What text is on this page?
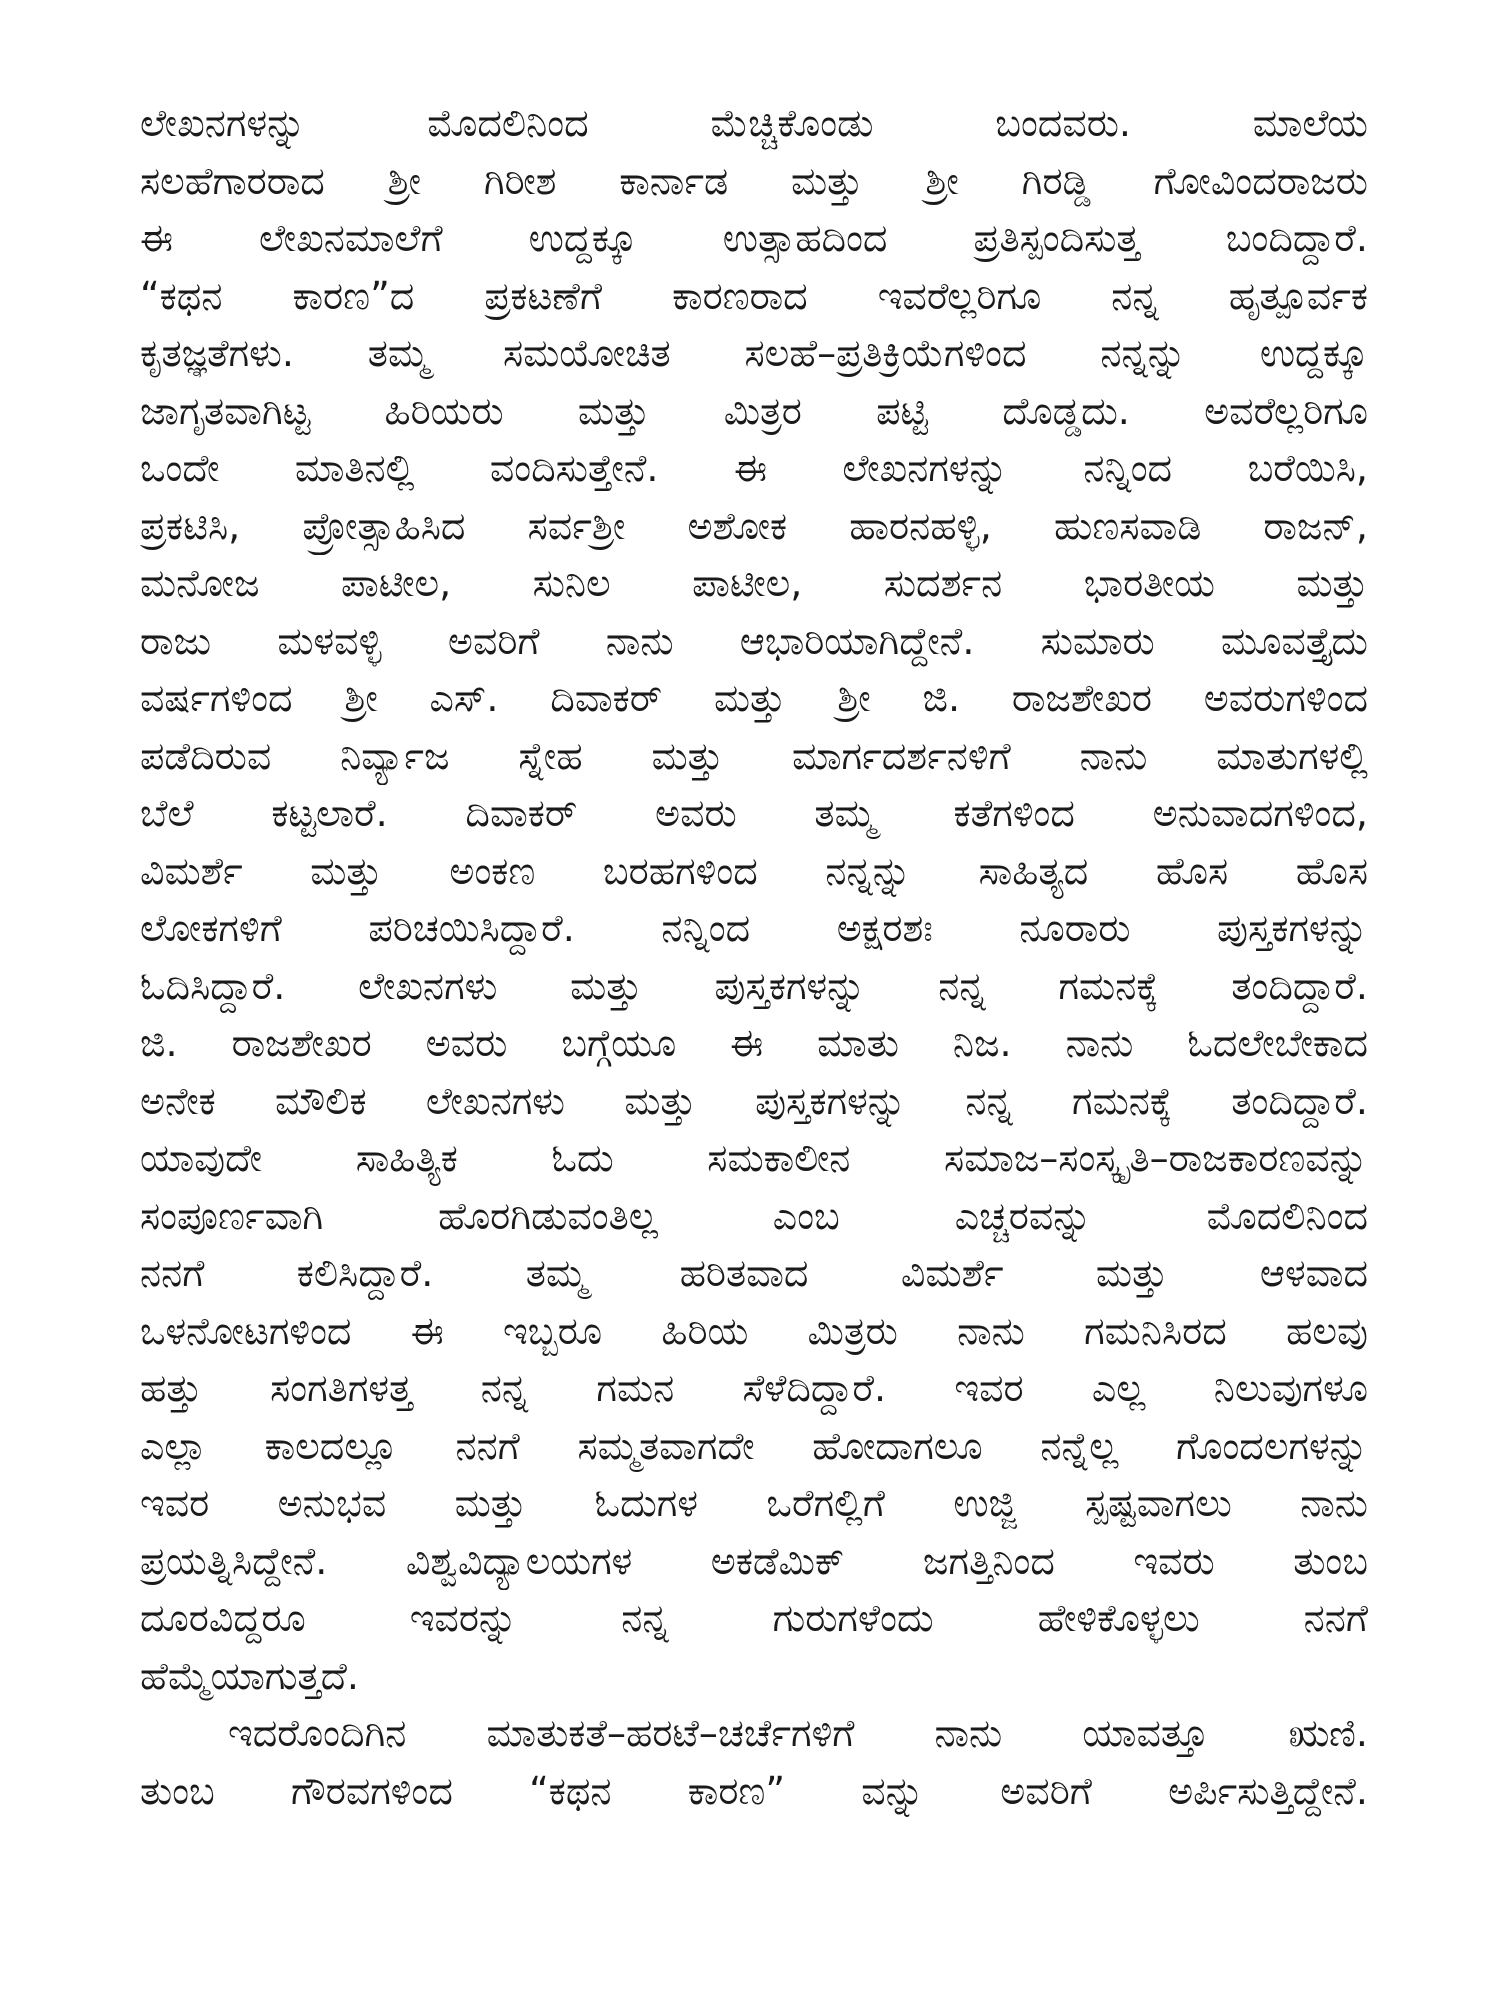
ಲೇಖನಗಳನ್ನು ಮೊದಲಿನಿಂದ ಮೆಚ್ಚಿಕೊಂಡು ಬಂದವರು. ಮಾಲೆಯ
ಸಲಹೆಗಾರರಾದ ಶ್ರೀ ಗಿರೀಶ ಕಾರ್ನಾಡ ಮತ್ತು ಶ್ರೀ ಗಿರಡ್ಡಿ ಗೋವಿಂದರಾಜರು
ಈ ಲೇಖನಮಾಲೆಗೆ ಉದ್ದಕ್ಕೂ ಉತ್ಸಾಹದಿಂದ ಪ್ರತಿಸ್ಪಂದಿಸುತ್ತ ಬಂದಿದ್ದಾರೆ.
“ಕಥನ ಕಾರಣ”ದ ಪ್ರಕಟಣೆಗೆ ಕಾರಣರಾದ ಇವರೆಲ್ಲರಿಗೂ ನನ್ನ ಹೃತ್ಪೂರ್ವಕ
ಕೃತಜ್ಞತೆಗಳು. ತಮ್ಮ ಸಮಯೋಚಿತ ಸಲಹೆ–ಪ್ರತಿಕ್ರಿಯೆಗಳಿಂದ ನನ್ನನ್ನು ಉದ್ದಕ್ಕೂ
ಜಾಗೃತವಾಗಿಟ್ಟ ಹಿರಿಯರು ಮತ್ತು ಮಿತ್ರರ ಪಟ್ಟಿ ದೊಡ್ಡದು. ಅವರೆಲ್ಲರಿಗೂ
ಒಂದೇ ಮಾತಿನಲ್ಲಿ ವಂದಿಸುತ್ತೇನೆ. ಈ ಲೇಖನಗಳನ್ನು ನನ್ನಿಂದ ಬರೆಯಿಸಿ,
ಪ್ರಕಟಿಸಿ, ಪ್ರೋತ್ಸಾಹಿಸಿದ ಸರ್ವಶ್ರೀ ಅಶೋಕ ಹಾರನಹಳ್ಳಿ, ಹುಣಸವಾಡಿ ರಾಜನ್,
ಮನೋಜ ಪಾಟೀಲ, ಸುನಿಲ ಪಾಟೀಲ, ಸುದರ್ಶನ ಭಾರತೀಯ ಮತ್ತು
ರಾಜು ಮಳವಳ್ಳಿ ಅವರಿಗೆ ನಾನು ಆಭಾರಿಯಾಗಿದ್ದೇನೆ. ಸುಮಾರು ಮೂವತ್ತೈದು
ವರ್ಷಗಳಿಂದ ಶ್ರೀ ಎಸ್. ದಿವಾಕರ್ ಮತ್ತು ಶ್ರೀ ಜಿ. ರಾಜಶೇಖರ ಅವರುಗಳಿಂದ
ಪಡೆದಿರುವ ನಿರ್ವ್ಯಾಜ ಸ್ನೇಹ ಮತ್ತು ಮಾರ್ಗದರ್ಶನಳಿಗೆ ನಾನು ಮಾತುಗಳಲ್ಲಿ
ಬೆಲೆ ಕಟ್ಟಲಾರೆ. ದಿವಾಕರ್ ಅವರು ತಮ್ಮ ಕತೆಗಳಿಂದ ಅನುವಾದಗಳಿಂದ,
ವಿಮರ್ಶೆ ಮತ್ತು ಅಂಕಣ ಬರಹಗಳಿಂದ ನನ್ನನ್ನು ಸಾಹಿತ್ಯದ ಹೊಸ ಹೊಸ
ಲೋಕಗಳಿಗೆ ಪರಿಚಯಿಸಿದ್ದಾರೆ. ನನ್ನಿಂದ ಅಕ್ಷರಶಃ ನೂರಾರು ಪುಸ್ತಕಗಳನ್ನು
ಓದಿಸಿದ್ದಾರೆ. ಲೇಖನಗಳು ಮತ್ತು ಪುಸ್ತಕಗಳನ್ನು ನನ್ನ ಗಮನಕ್ಕೆ ತಂದಿದ್ದಾರೆ.
ಜಿ. ರಾಜಶೇಖರ ಅವರು ಬಗ್ಗೆಯೂ ಈ ಮಾತು ನಿಜ. ನಾನು ಓದಲೇಬೇಕಾದ
ಅನೇಕ ಮೌಲಿಕ ಲೇಖನಗಳು ಮತ್ತು ಪುಸ್ತಕಗಳನ್ನು ನನ್ನ ಗಮನಕ್ಕೆ ತಂದಿದ್ದಾರೆ.
ಯಾವುದೇ ಸಾಹಿತ್ಯಿಕ ಓದು ಸಮಕಾಲೀನ ಸಮಾಜ–ಸಂಸ್ಕೃತಿ–ರಾಜಕಾರಣವನ್ನು
ಸಂಪೂರ್ಣವಾಗಿ ಹೊರಗಿಡುವಂತಿಲ್ಲ ಎಂಬ ಎಚ್ಚರವನ್ನು ಮೊದಲಿನಿಂದ
ನನಗೆ ಕಲಿಸಿದ್ದಾರೆ. ತಮ್ಮ ಹರಿತವಾದ ವಿಮರ್ಶೆ ಮತ್ತು ಆಳವಾದ
ಒಳನೋಟಗಳಿಂದ ಈ ಇಬ್ಬರೂ ಹಿರಿಯ ಮಿತ್ರರು ನಾನು ಗಮನಿಸಿರದ ಹಲವು
ಹತ್ತು ಸಂಗತಿಗಳತ್ತ ನನ್ನ ಗಮನ ಸೆಳೆದಿದ್ದಾರೆ. ಇವರ ಎಲ್ಲ ನಿಲುವುಗಳೂ
ಎಲ್ಲಾ ಕಾಲದಲ್ಲೂ ನನಗೆ ಸಮ್ಮತವಾಗದೇ ಹೋದಾಗಲೂ ನನ್ನೆಲ್ಲ ಗೊಂದಲಗಳನ್ನು
ಇವರ ಅನುಭವ ಮತ್ತು ಓದುಗಳ ಒರೆಗಲ್ಲಿಗೆ ಉಜ್ಜಿ ಸ್ಪಷ್ಟವಾಗಲು ನಾನು
ಪ್ರಯತ್ನಿಸಿದ್ದೇನೆ. ವಿಶ್ವವಿದ್ಯಾಲಯಗಳ ಅಕಡೆಮಿಕ್ ಜಗತ್ತಿನಿಂದ ಇವರು ತುಂಬ
ದೂರವಿದ್ದರೂ ಇವರನ್ನು ನನ್ನ ಗುರುಗಳೆಂದು ಹೇಳಿಕೊಳ್ಳಲು ನನಗೆ
ಹೆಮ್ಮೆಯಾಗುತ್ತದೆ.
ಇದರೊಂದಿಗಿನ ಮಾತುಕತೆ–ಹರಟೆ–ಚರ್ಚೆಗಳಿಗೆ ನಾನು ಯಾವತ್ತೂ ಋಣಿ.
ತುಂಬ ಗೌರವಗಳಿಂದ “ಕಥನ ಕಾರಣ” ವನ್ನು ಅವರಿಗೆ ಅರ್ಪಿಸುತ್ತಿದ್ದೇನೆ.
